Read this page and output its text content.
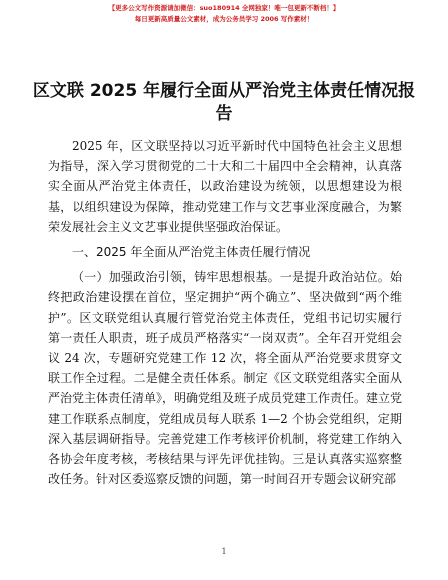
【更多公文写作资源请加微信：suo180914 全网独家！唯一包更新不断档！】
每日更新高质量公文素材，成为公务员学习 2006 写作素材！
区文联 2025 年履行全面从严治党主体责任情况报告

2025 年，区文联坚持以习近平新时代中国特色社会主义思想为指导，深入学习贯彻党的二十大和二十届四中全会精神，认真落实全面从严治党主体责任，以政治建设为统领，以思想建设为根基，以组织建设为保障，推动党建工作与文艺事业深度融合，为繁荣发展社会主义文艺事业提供坚强政治保证。

一、2025 年全面从严治党主体责任履行情况

（一）加强政治引领，铸牢思想根基。一是提升政治站位。始终把政治建设摆在首位，坚定拥护“两个确立”、坚决做到“两个维护”。区文联党组认真履行管党治党主体责任，党组书记切实履行第一责任人职责，班子成员严格落实“一岗双责”。全年召开党组会议 24 次，专题研究党建工作 12 次，将全面从严治党要求贯穿文联工作全过程。二是健全责任体系。制定《区文联党组落实全面从严治党主体责任清单》，明确党组及班子成员党建工作责任。建立党建工作联系点制度，党组成员每人联系 1—2 个协会党组织，定期深入基层调研指导。完善党建工作考核评价机制，将党建工作纳入各协会年度考核，考核结果与评先评优挂钩。三是认真落实巡察整改任务。针对区委巡察反馈的问题，第一时间召开专题会议研究部

1
